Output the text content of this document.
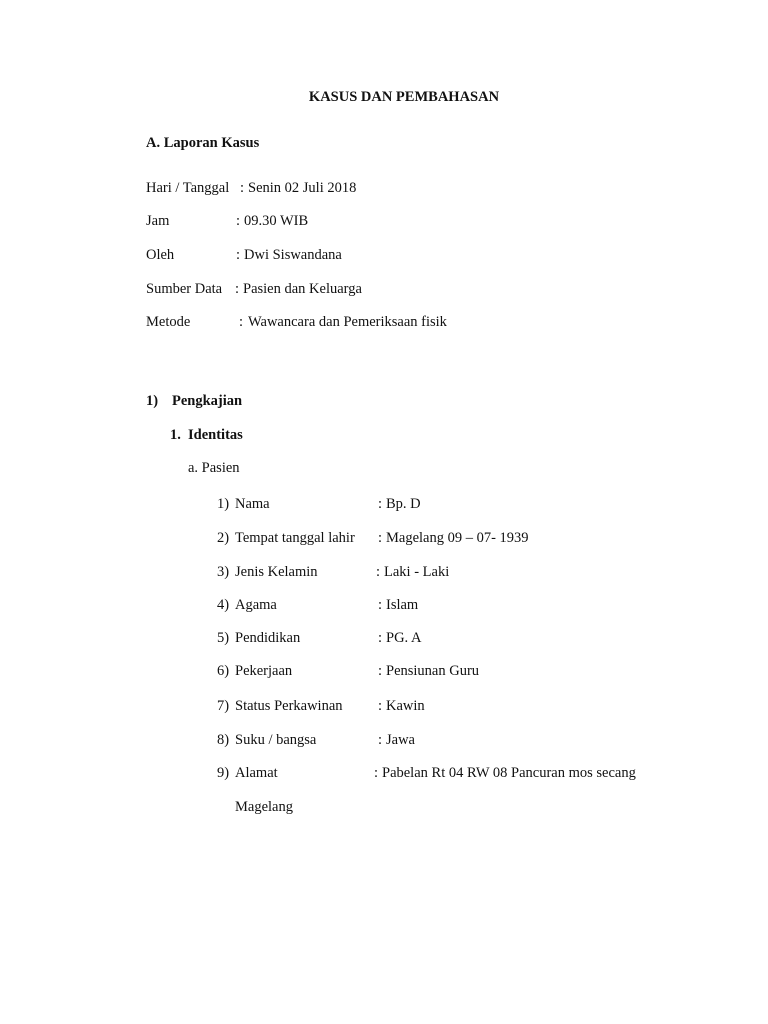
KASUS DAN PEMBAHASAN
A. Laporan Kasus
Hari / Tanggal : Senin 02 Juli 2018
Jam	: 09.30 WIB
Oleh	: Dwi Siswandana
Sumber Data : Pasien dan Keluarga
Metode	: Wawancara dan Pemeriksaan fisik
1) Pengkajian
1. Identitas
a. Pasien
1) Nama	: Bp. D
2) Tempat tanggal lahir : Magelang 09 – 07- 1939
3) Jenis Kelamin	: Laki - Laki
4) Agama	: Islam
5) Pendidikan	: PG. A
6) Pekerjaan	: Pensiunan Guru
7) Status Perkawinan : Kawin
8) Suku / bangsa	: Jawa
9) Alamat	: Pabelan Rt 04 RW 08 Pancuran mos secang
Magelang
